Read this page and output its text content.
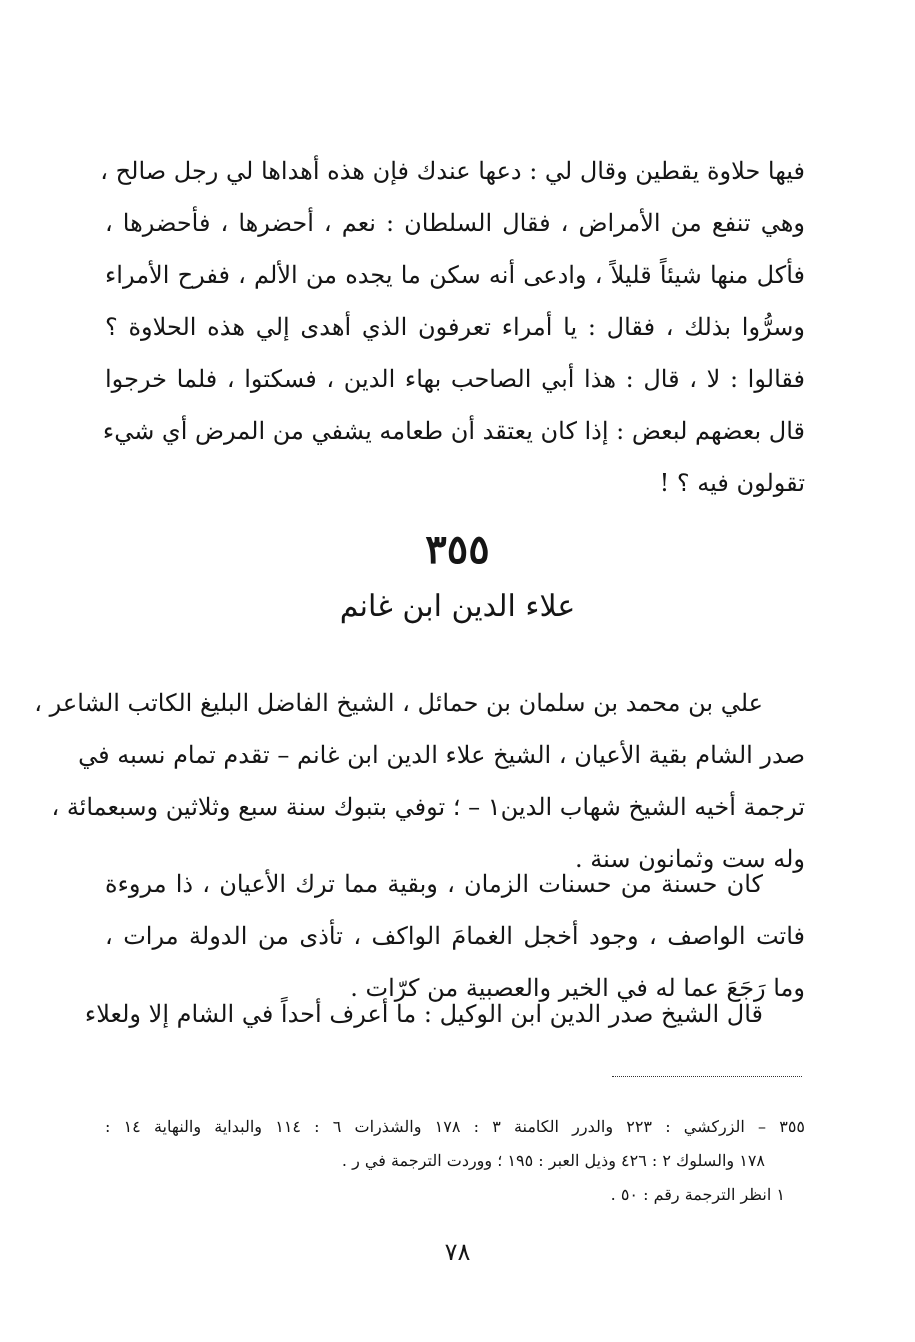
فيها حلاوة يقطين وقال لي : دعها عندك فإن هذه أهداها لي رجل صالح ،
وهي تنفع من الأمراض ، فقال السلطان : نعم ، أحضرها ، فأحضرها ،
فأكل منها شيئاً قليلاً ، وادعى أنه سكن ما يجده من الألم ، ففرح الأمراء
وسرُّوا بذلك ، فقال : يا أمراء تعرفون الذي أهدى إلي هذه الحلاوة ؟
فقالوا : لا ، قال : هذا أبي الصاحب بهاء الدين ، فسكتوا ، فلما خرجوا
قال بعضهم لبعض : إذا كان يعتقد أن طعامه يشفي من المرض أي شيء
تقولون فيه ؟ !
٣٥٥
علاء الدين ابن غانم
علي بن محمد بن سلمان بن حمائل ، الشيخ الفاضل البليغ الكاتب الشاعر ،
صدر الشام بقية الأعيان ، الشيخ علاء الدين ابن غانم – تقدم تمام نسبه في
ترجمة أخيه الشيخ شهاب الدين١ – ؛ توفي بتبوك سنة سبع وثلاثين وسبعمائة ،
وله ست وثمانون سنة .
كان حسنة من حسنات الزمان ، وبقية مما ترك الأعيان ، ذا مروءة
فاتت الواصف ، وجود أخجل الغمامَ الواكف ، تأذى من الدولة مرات ،
وما رَجَعَ عما له في الخير والعصبية من كرّات .
قال الشيخ صدر الدين ابن الوكيل : ما أعرف أحداً في الشام إلا ولعلاء
٣٥٥ – الزركشي : ٢٢٣ والدرر الكامنة ٣ : ١٧٨ والشذرات ٦ : ١١٤ والبداية والنهاية ١٤ :
١٧٨ والسلوك ٢ : ٤٢٦ وذيل العبر : ١٩٥ ؛ ووردت الترجمة في ر .
١ انظر الترجمة رقم : ٥٠ .
٧٨
